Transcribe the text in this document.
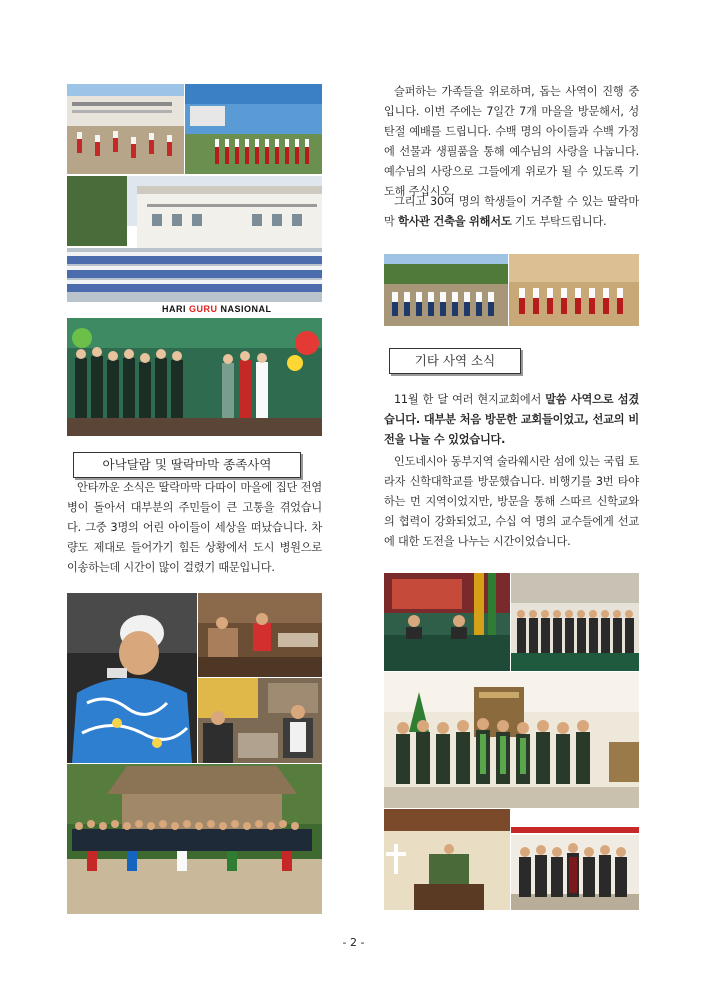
HARI GURU NASIONAL
아낙달람 및 딸락마막 종족사역

안타까운 소식은 딸락마막 다따이 마을에 집단 전염병이 돌아서 대부분의 주민들이 큰 고통을 겪었습니다. 그중 3명의 어린 아이들이 세상을 떠났습니다. 차량도 제대로 들어가기 힘든 상황에서 도시 병원으로 이송하는데 시간이 많이 걸렸기 때문입니다.

슬퍼하는 가족들을 위로하며, 돕는 사역이 진행 중입니다. 이번 주에는 7일간 7개 마을을 방문해서, 성탄절 예배를 드립니다. 수백 명의 아이들과 수백 가정에 선물과 생필품을 통해 예수님의 사랑을 나눕니다. 예수님의 사랑으로 그들에게 위로가 될 수 있도록 기도해 주십시오.

그리고 30여 명의 학생들이 거주할 수 있는 딸락마막 학사관 건축을 위해서도 기도 부탁드립니다.

기타 사역 소식

11월 한 달 여러 현지교회에서 말씀 사역으로 섬겼습니다. 대부분 처음 방문한 교회들이었고, 선교의 비전을 나눌 수 있었습니다.

인도네시아 동부지역 술라웨시란 섬에 있는 국립 토라자 신학대학교를 방문했습니다. 비행기를 3번 타야 하는 먼 지역이었지만, 방문을 통해 스따르 신학교와의 협력이 강화되었고, 수십 여 명의 교수들에게 선교에 대한 도전을 나누는 시간이었습니다.

- 2 -
